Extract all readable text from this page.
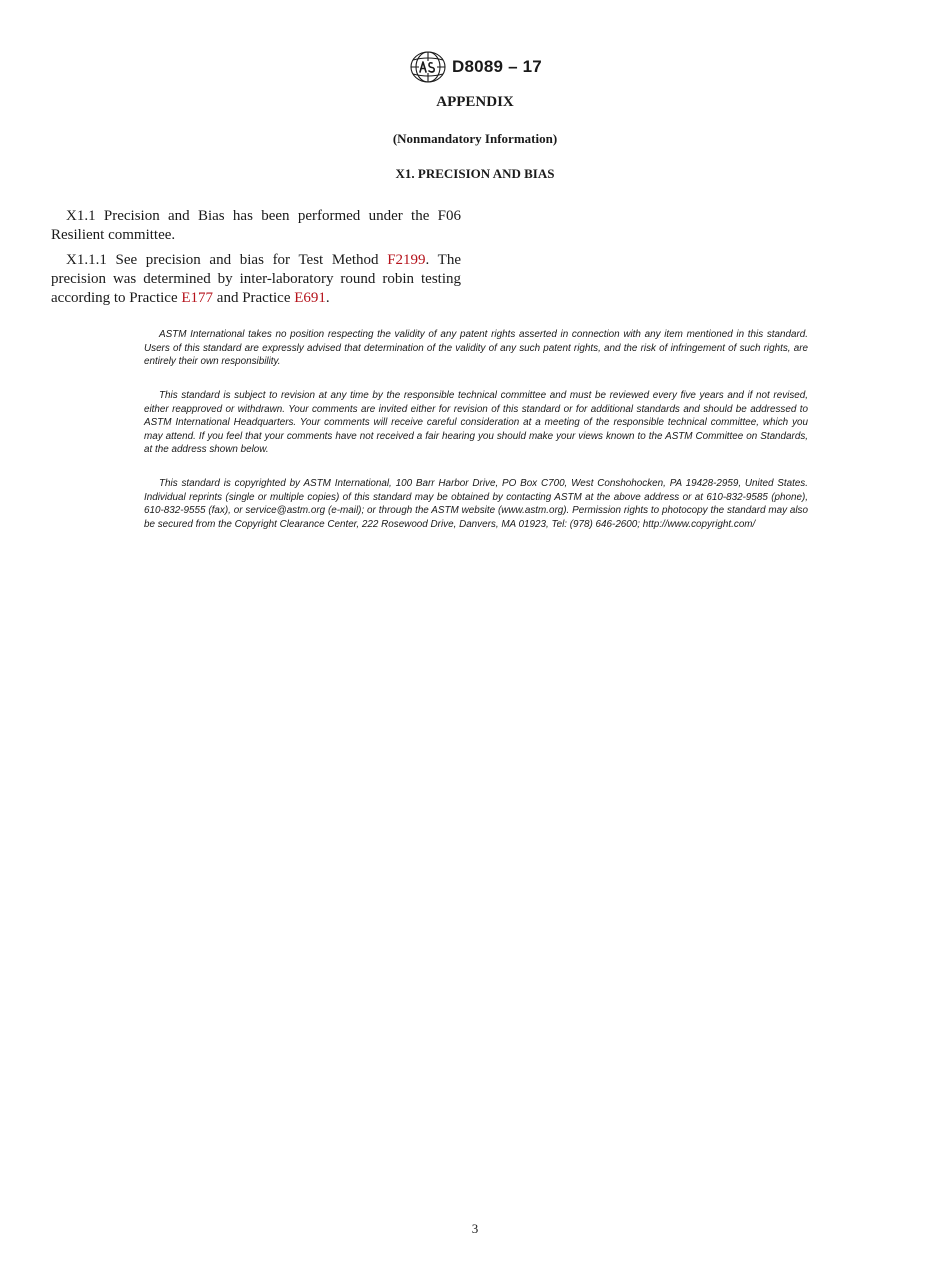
D8089 – 17
APPENDIX
(Nonmandatory Information)
X1. PRECISION AND BIAS

X1.1 Precision and Bias has been performed under the F06 Resilient committee.

X1.1.1 See precision and bias for Test Method F2199. The precision was determined by inter-laboratory round robin testing according to Practice E177 and Practice E691.

ASTM International takes no position respecting the validity of any patent rights asserted in connection with any item mentioned in this standard. Users of this standard are expressly advised that determination of the validity of any such patent rights, and the risk of infringement of such rights, are entirely their own responsibility.

This standard is subject to revision at any time by the responsible technical committee and must be reviewed every five years and if not revised, either reapproved or withdrawn. Your comments are invited either for revision of this standard or for additional standards and should be addressed to ASTM International Headquarters. Your comments will receive careful consideration at a meeting of the responsible technical committee, which you may attend. If you feel that your comments have not received a fair hearing you should make your views known to the ASTM Committee on Standards, at the address shown below.

This standard is copyrighted by ASTM International, 100 Barr Harbor Drive, PO Box C700, West Conshohocken, PA 19428-2959, United States. Individual reprints (single or multiple copies) of this standard may be obtained by contacting ASTM at the above address or at 610-832-9585 (phone), 610-832-9555 (fax), or service@astm.org (e-mail); or through the ASTM website (www.astm.org). Permission rights to photocopy the standard may also be secured from the Copyright Clearance Center, 222 Rosewood Drive, Danvers, MA 01923, Tel: (978) 646-2600; http://www.copyright.com/

3
